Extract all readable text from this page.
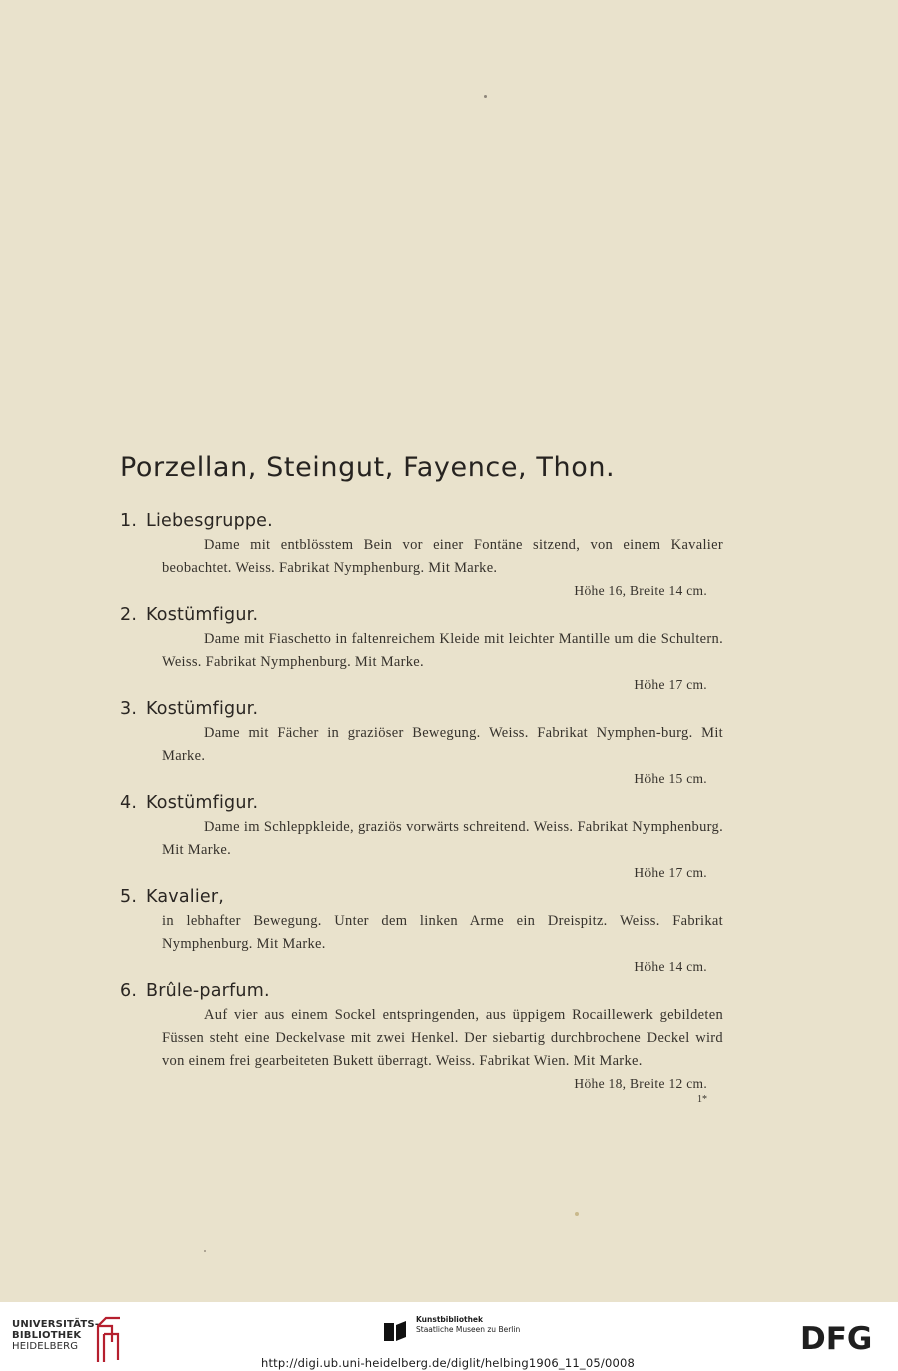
Porzellan, Steingut, Fayence, Thon.
1. Liebesgruppe.
Dame mit entblösstem Bein vor einer Fontäne sitzend, von einem Kavalier beobachtet. Weiss. Fabrikat Nymphenburg. Mit Marke.
Höhe 16, Breite 14 cm.
2. Kostümfigur.
Dame mit Fiaschetto in faltenreichem Kleide mit leichter Mantille um die Schultern. Weiss. Fabrikat Nymphenburg. Mit Marke.
Höhe 17 cm.
3. Kostümfigur.
Dame mit Fächer in graziöser Bewegung. Weiss. Fabrikat Nymphen-burg. Mit Marke.
Höhe 15 cm.
4. Kostümfigur.
Dame im Schleppkleide, graziös vorwärts schreitend. Weiss. Fabrikat Nymphenburg. Mit Marke.
Höhe 17 cm.
5. Kavalier,
in lebhafter Bewegung. Unter dem linken Arme ein Dreispitz. Weiss. Fabrikat Nymphenburg. Mit Marke.
Höhe 14 cm.
6. Brûle-parfum.
Auf vier aus einem Sockel entspringenden, aus üppigem Rocaillewerk gebildeten Füssen steht eine Deckelvase mit zwei Henkel. Der siebartig durchbrochene Deckel wird von einem frei gearbeiteten Bukett überragt. Weiss. Fabrikat Wien. Mit Marke.
Höhe 18, Breite 12 cm.
1*
UNIVERSITÄTS-
BIBLIOTHEK
HEIDELBERG
Kunstbibliothek
Staatliche Museen zu Berlin	DFG
http://digi.ub.uni-heidelberg.de/diglit/helbing1906_11_05/0008
